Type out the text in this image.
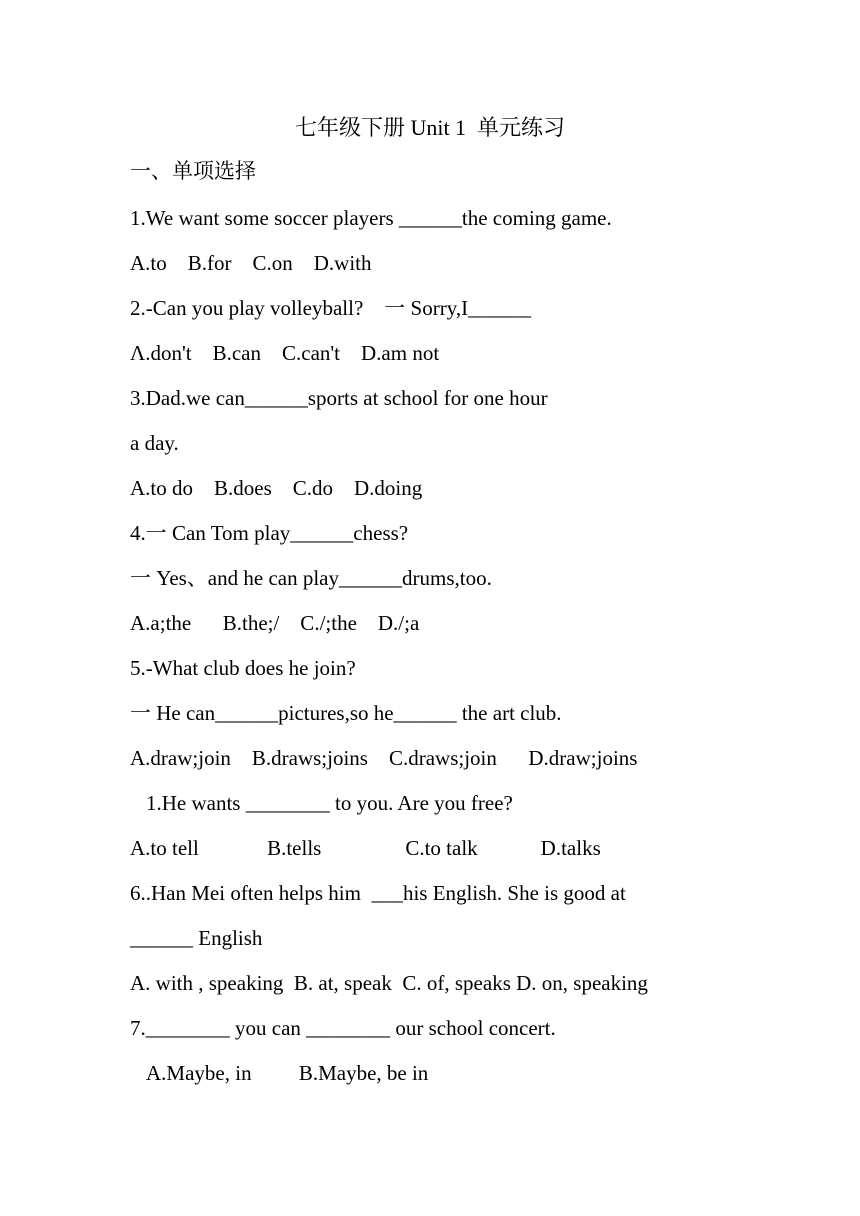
七年级下册 Unit 1  单元练习
一、单项选择
1.We want some soccer players ______the coming game.
A.to    B.for    C.on    D.with
2.-Can you play volleyball?    一 Sorry,I______
Λ.don't    B.can    C.can't    D.am not
3.Dad.we can______sports at school for one hour
a day.
A.to do    B.does    C.do    D.doing
4.一 Can Tom play______chess?
一 Yes、and he can play______drums,too.
A.a;the      B.the;/    C./;the    D./;a
5.-What club does he join?
一 He can______pictures,so he______ the art club.
A.draw;join    B.draws;joins    C.draws;join      D.draw;joins
1.He wants ________ to you. Are you free?
A.to tell             B.tells                C.to talk            D.talks
6..Han Mei often helps him  ___his English. She is good at
______ English
A. with , speaking  B. at, speak  C. of, speaks D. on, speaking
7.________ you can ________ our school concert.
A.Maybe, in         B.Maybe, be in
